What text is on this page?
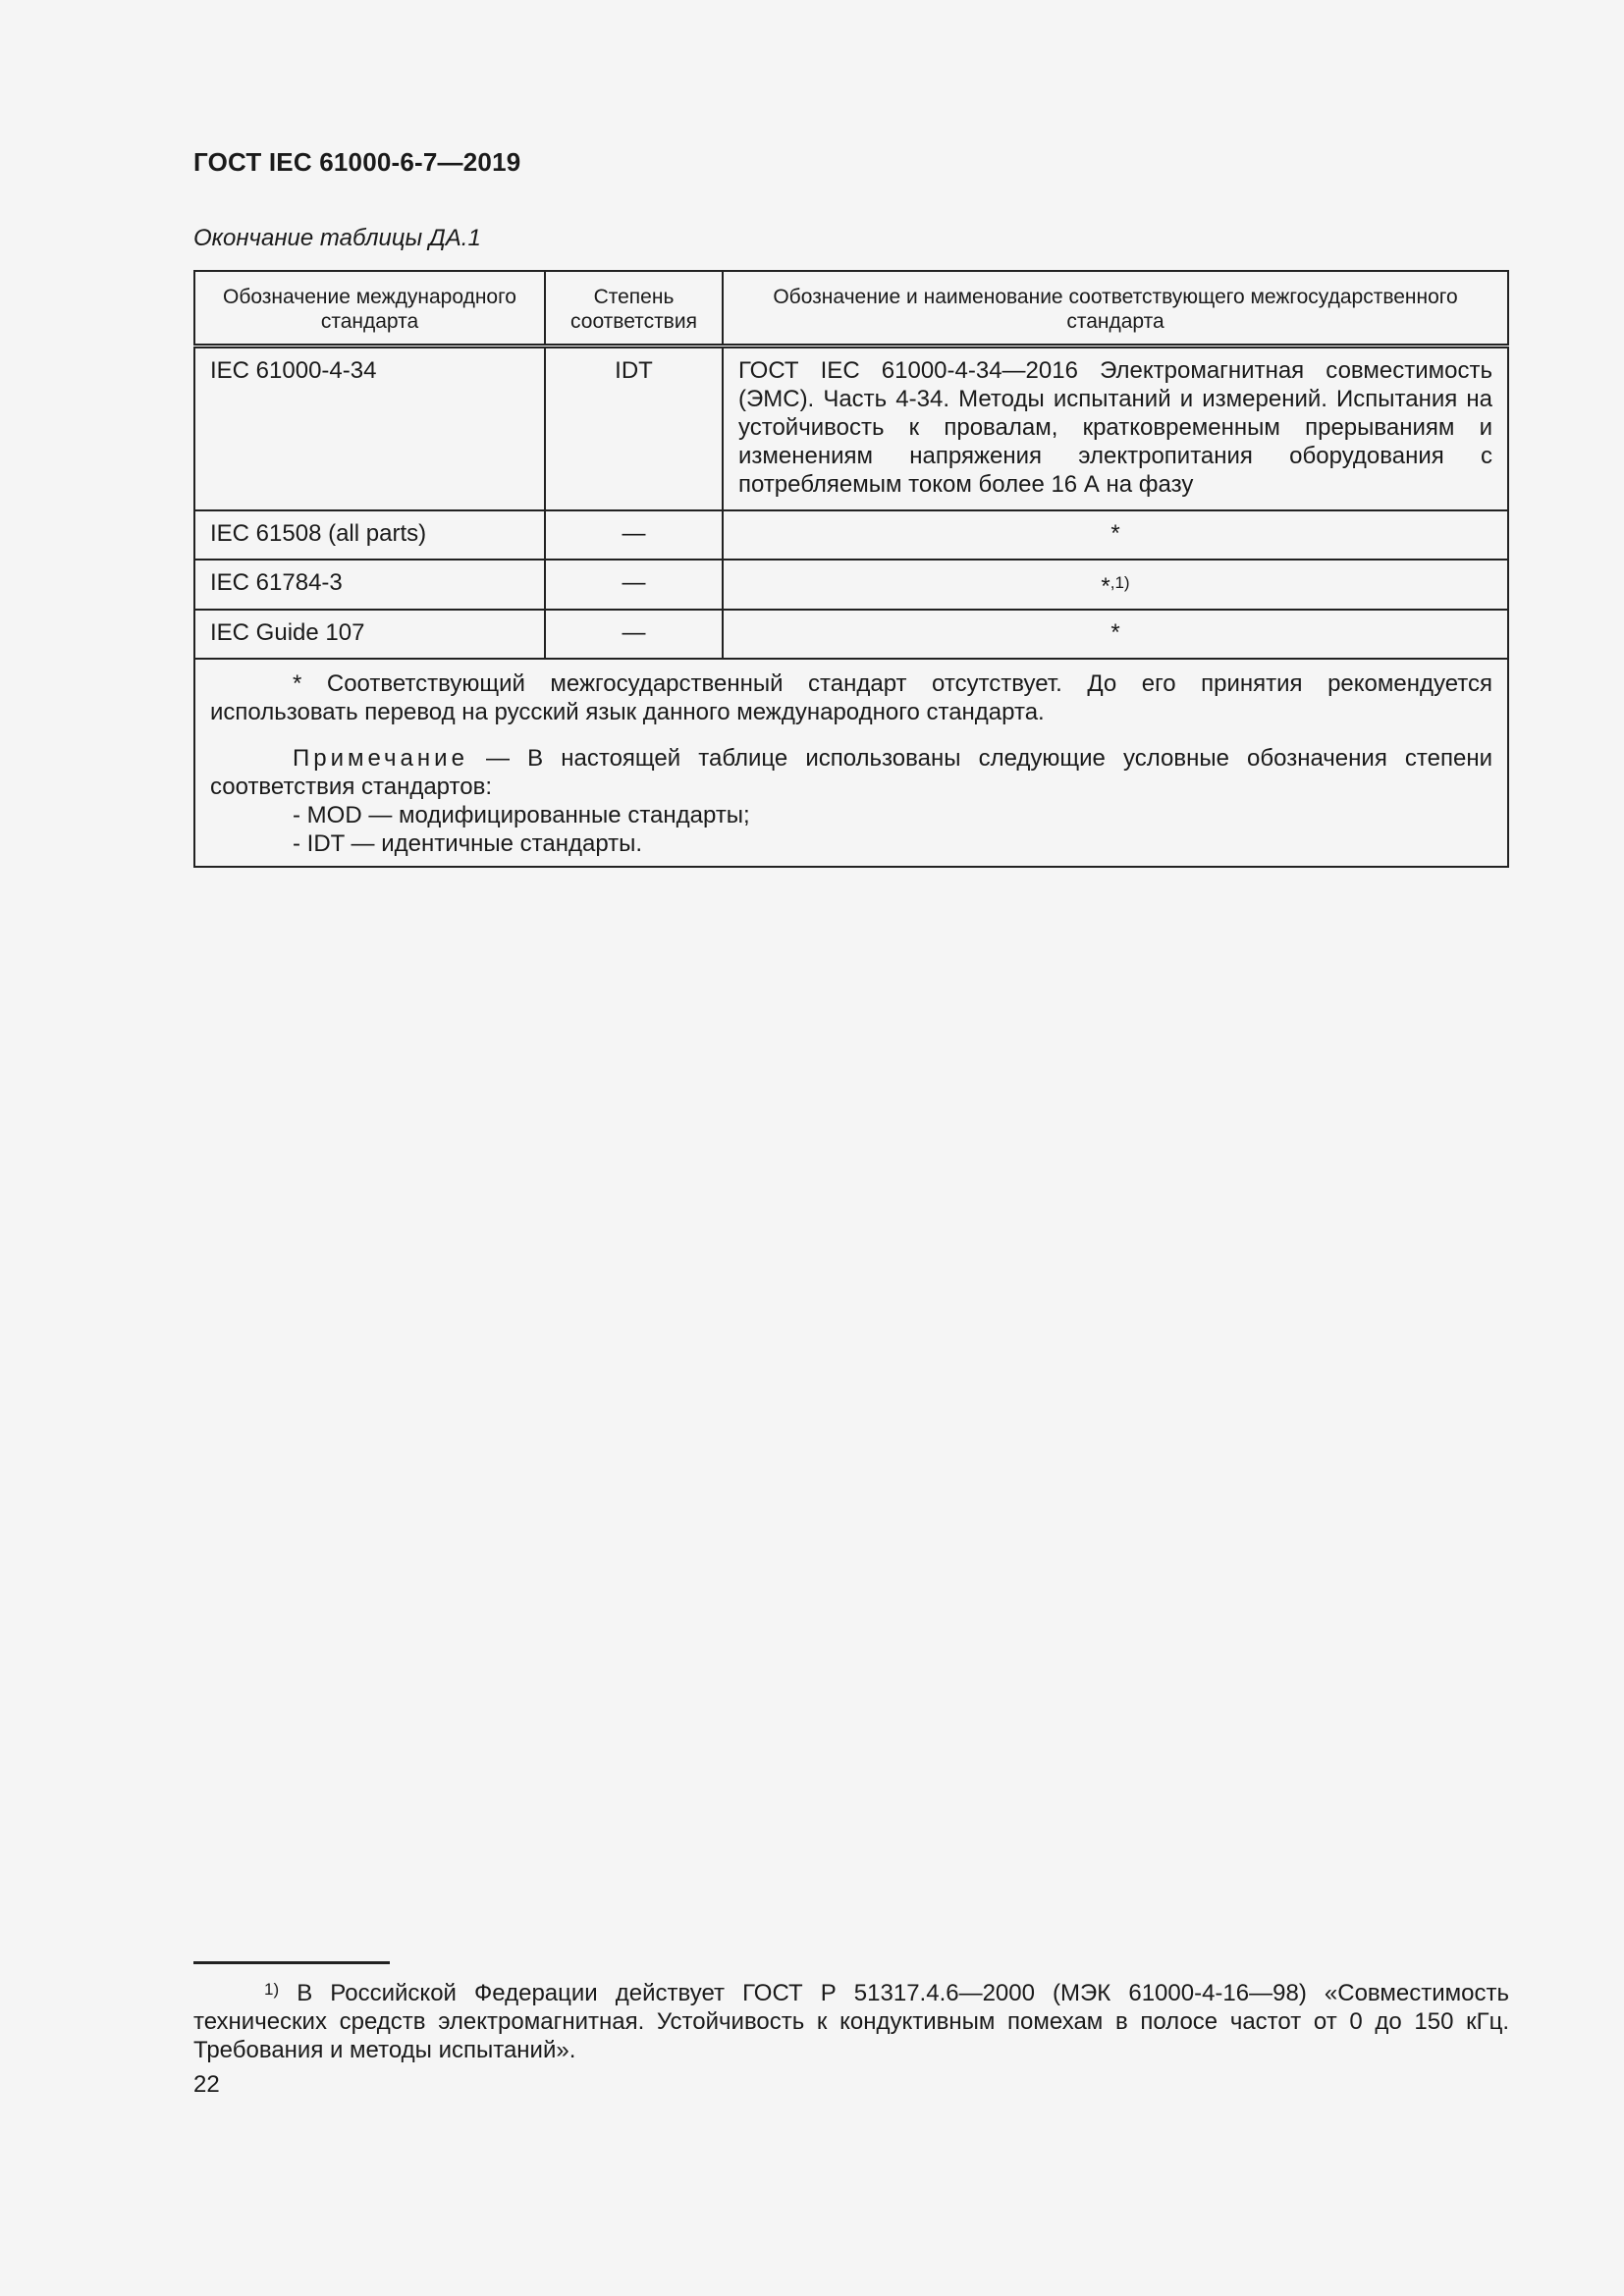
ГОСТ IEC 61000-6-7—2019
Окончание таблицы ДА.1
Обозначение международного стандарта	Степень соответствия	Обозначение и наименование соответствующего межгосударственного стандарта
IEC 61000-4-34	IDT	ГОСТ IEC 61000-4-34—2016 Электромагнитная совместимость (ЭМС). Часть 4-34. Методы испытаний и измерений. Испытания на устойчивость к провалам, кратковременным прерываниям и изменениям напряжения электропитания оборудования с потребляемым током более 16 А на фазу
IEC 61508 (all parts)	—	*
IEC 61784-3	—	*$^{,1)}$
IEC Guide 107	—	*

* Соответствующий межгосударственный стандарт отсутствует. До его принятия рекомендуется использовать перевод на русский язык данного международного стандарта.

Примечание — В настоящей таблице использованы следующие условные обозначения степени соответствия стандартов:

- MOD — модифицированные стандарты;

- IDT — идентичные стандарты.		

$^{1)}$ В Российской Федерации действует ГОСТ Р 51317.4.6—2000 (МЭК 61000-4-16—98) «Совместимость технических средств электромагнитная. Устойчивость к кондуктивным помехам в полосе частот от 0 до 150 кГц. Требования и методы испытаний».
22
